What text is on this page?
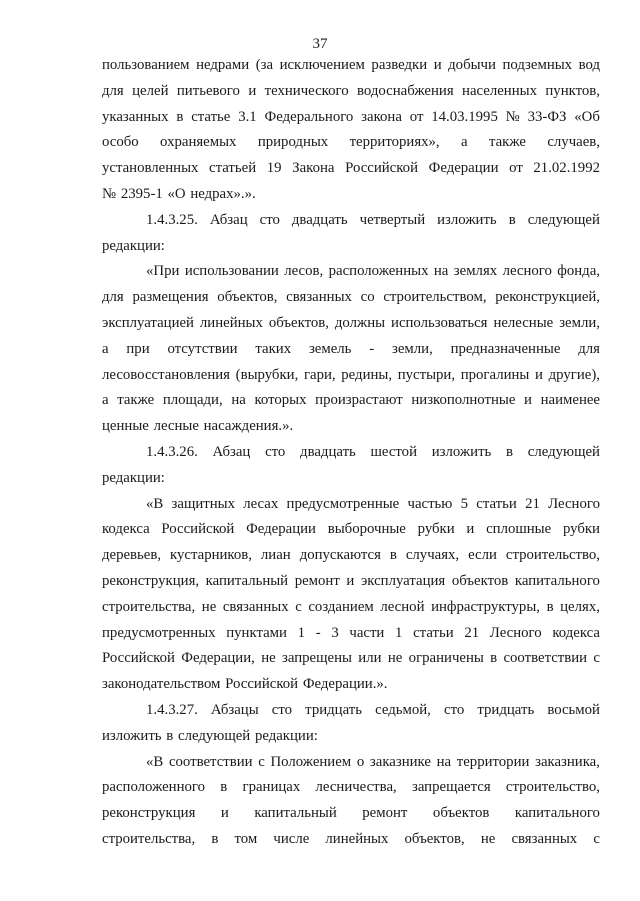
37
пользованием недрами (за исключением разведки и добычи подземных вод
для целей питьевого и технического водоснабжения населенных пунктов,
указанных в статье 3.1 Федерального закона от 14.03.1995 № 33-ФЗ «Об
особо охраняемых природных территориях», а также случаев,
установленных статьей 19 Закона Российской Федерации от 21.02.1992
№ 2395-1 «О недрах».».
1.4.3.25. Абзац сто двадцать четвертый изложить в следующей
редакции:
«При использовании лесов, расположенных на землях лесного фонда,
для размещения объектов, связанных со строительством, реконструкцией,
эксплуатацией линейных объектов, должны использоваться нелесные земли,
а при отсутствии таких земель - земли, предназначенные для
лесовосстановления (вырубки, гари, редины, пустыри, прогалины и другие),
а также площади, на которых произрастают низкополнотные и наименее
ценные лесные насаждения.».
1.4.3.26. Абзац сто двадцать шестой изложить в следующей
редакции:
«В защитных лесах предусмотренные частью 5 статьи 21 Лесного
кодекса Российской Федерации выборочные рубки и сплошные рубки
деревьев, кустарников, лиан допускаются в случаях, если строительство,
реконструкция, капитальный ремонт и эксплуатация объектов капитального
строительства, не связанных с созданием лесной инфраструктуры, в целях,
предусмотренных пунктами 1 - 3 части 1 статьи 21 Лесного кодекса
Российской Федерации, не запрещены или не ограничены в соответствии с
законодательством Российской Федерации.».
1.4.3.27. Абзацы сто тридцать седьмой, сто тридцать восьмой
изложить в следующей редакции:
«В соответствии с Положением о заказнике на территории заказника,
расположенного в границах лесничества, запрещается строительство,
реконструкция и капитальный ремонт объектов капитального
строительства, в том числе линейных объектов, не связанных с
